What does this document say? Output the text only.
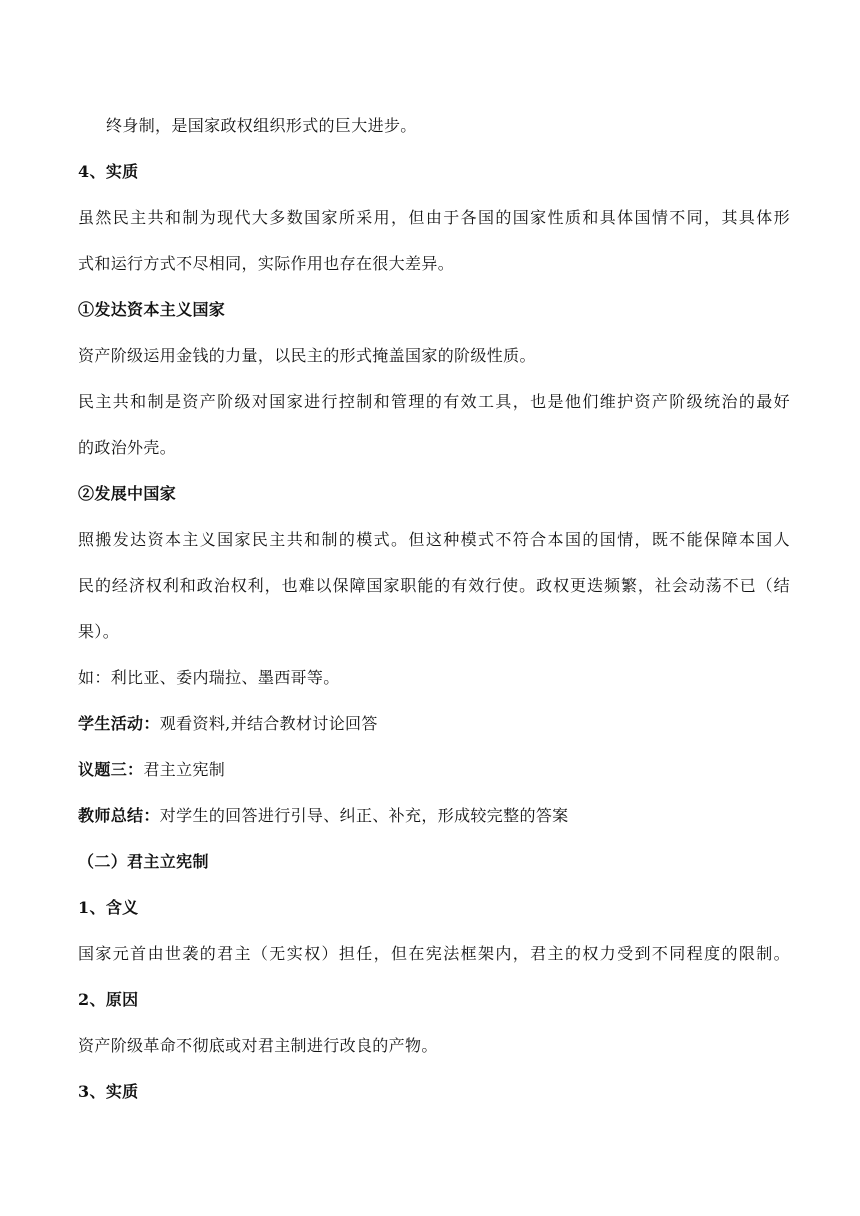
终身制，是国家政权组织形式的巨大进步。
4、实质
虽然民主共和制为现代大多数国家所采用，但由于各国的国家性质和具体国情不同，其具体形
式和运行方式不尽相同，实际作用也存在很大差异。
①发达资本主义国家
资产阶级运用金钱的力量，以民主的形式掩盖国家的阶级性质。
民主共和制是资产阶级对国家进行控制和管理的有效工具，也是他们维护资产阶级统治的最好
的政治外壳。
②发展中国家
照搬发达资本主义国家民主共和制的模式。但这种模式不符合本国的国情，既不能保障本国人
民的经济权利和政治权利，也难以保障国家职能的有效行使。政权更迭频繁，社会动荡不已（结
果）。
如：利比亚、委内瑞拉、墨西哥等。
学生活动：观看资料,并结合教材讨论回答
议题三：君主立宪制
教师总结：对学生的回答进行引导、纠正、补充，形成较完整的答案
（二）君主立宪制
1、含义
国家元首由世袭的君主（无实权）担任，但在宪法框架内，君主的权力受到不同程度的限制。
2、原因
资产阶级革命不彻底或对君主制进行改良的产物。
3、实质
